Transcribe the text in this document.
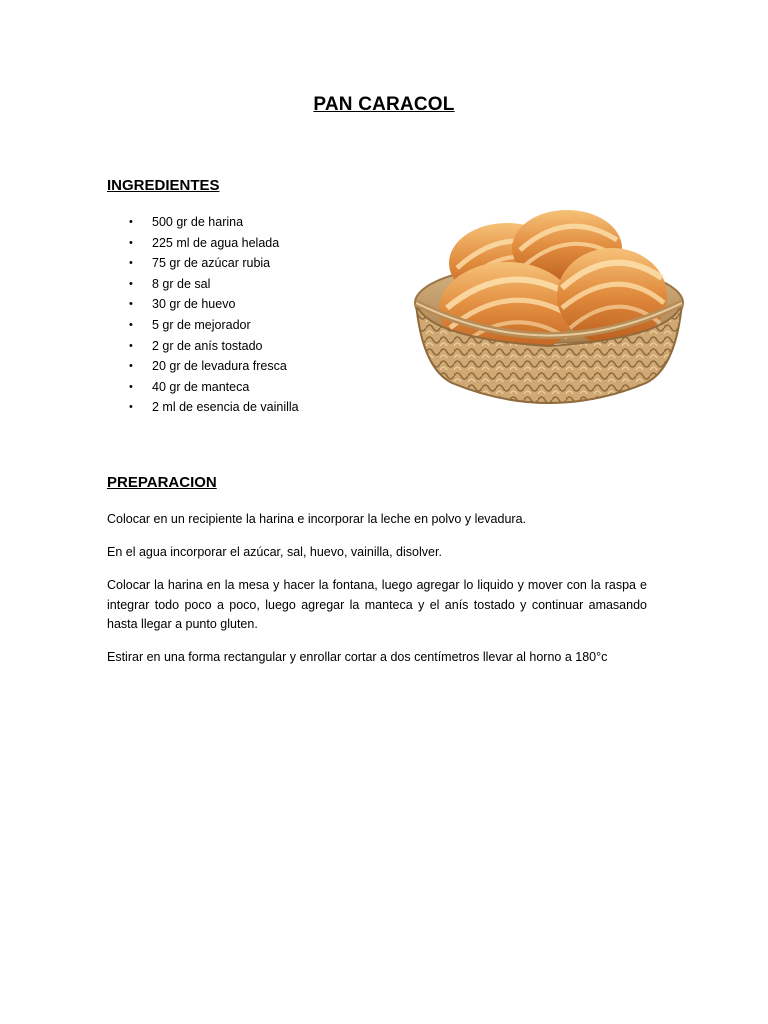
PAN CARACOL
INGREDIENTES
• 500 gr de harina
• 225 ml de agua helada
• 75 gr de azúcar rubia
• 8 gr de sal
• 30 gr de huevo
• 5 gr de mejorador
• 2 gr de anís tostado
• 20 gr de levadura fresca
• 40 gr de manteca
• 2 ml de esencia de vainilla
PREPARACION

Colocar en un recipiente la harina e incorporar la leche en polvo y levadura.

En el agua incorporar el azúcar, sal, huevo, vainilla, disolver.

Colocar la harina en la mesa y hacer la fontana, luego agregar lo liquido y mover con la raspa e integrar todo poco a poco, luego agregar la manteca y el anís tostado y continuar amasando hasta llegar a punto gluten.

Estirar en una forma rectangular y enrollar cortar a dos centímetros llevar al horno a 180°c
